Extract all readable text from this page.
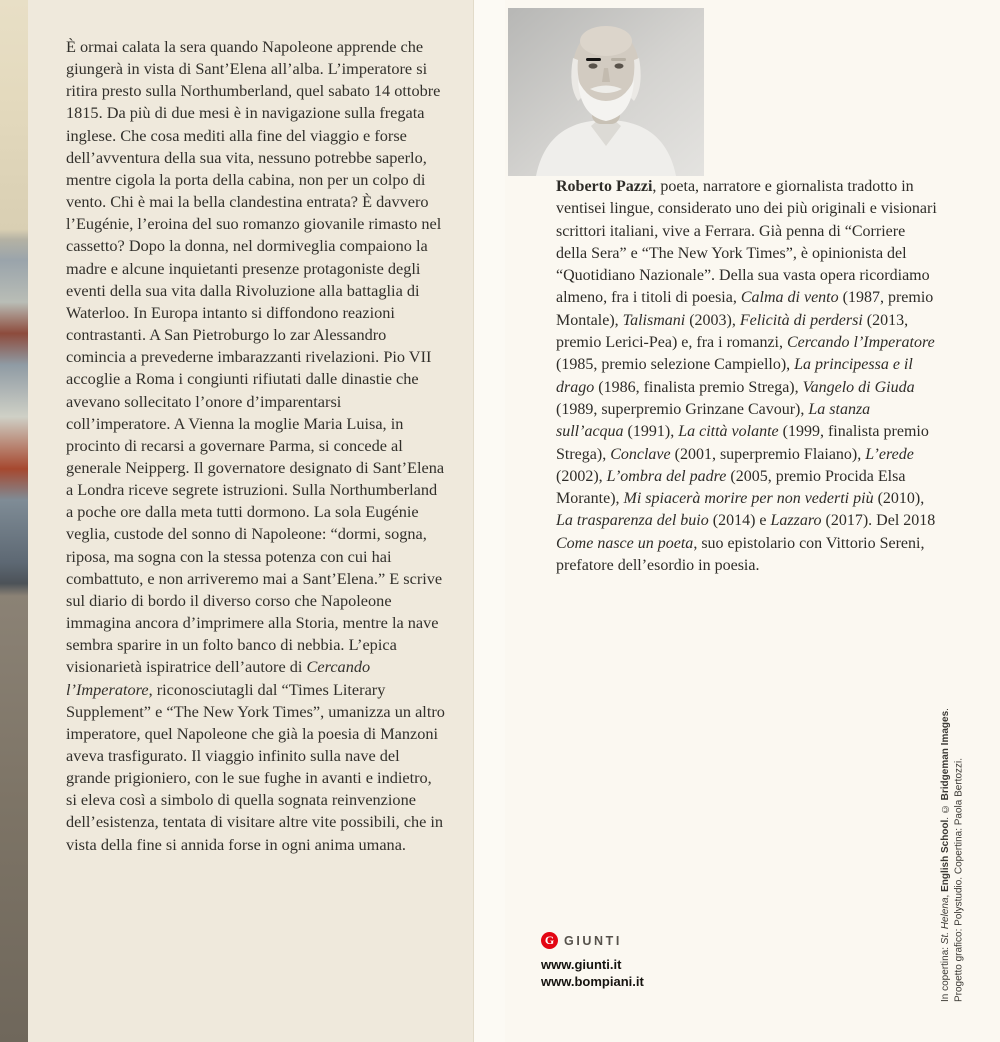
È ormai calata la sera quando Napoleone apprende che giungerà in vista di Sant’Elena all’alba. L’imperatore si ritira presto sulla Northumberland, quel sabato 14 ottobre 1815. Da più di due mesi è in navigazione sulla fregata inglese. Che cosa mediti alla fine del viaggio e forse dell’avventura della sua vita, nessuno potrebbe saperlo, mentre cigola la porta della cabina, non per un colpo di vento. Chi è mai la bella clandestina entrata? È davvero l’Eugénie, l’eroina del suo romanzo giovanile rimasto nel cassetto? Dopo la donna, nel dormiveglia compaiono la madre e alcune inquietanti presenze protagoniste degli eventi della sua vita dalla Rivoluzione alla battaglia di Waterloo. In Europa intanto si diffondono reazioni contrastanti. A San Pietroburgo lo zar Alessandro comincia a prevederne imbarazzanti rivelazioni. Pio VII accoglie a Roma i congiunti rifiutati dalle dinastie che avevano sollecitato l’onore d’imparentarsi coll’imperatore. A Vienna la moglie Maria Luisa, in procinto di recarsi a governare Parma, si concede al generale Neipperg. Il governatore designato di Sant’Elena a Londra riceve segrete istruzioni. Sulla Northumberland a poche ore dalla meta tutti dormono. La sola Eugénie veglia, custode del sonno di Napoleone: “dormi, sogna, riposa, ma sogna con la stessa potenza con cui hai combattuto, e non arriveremo mai a Sant’Elena.” E scrive sul diario di bordo il diverso corso che Napoleone immagina ancora d’imprimere alla Storia, mentre la nave sembra sparire in un folto banco di nebbia. L’epica visionarietà ispiratrice dell’autore di Cercando l’Imperatore, riconosciutagli dal “Times Literary Supplement” e “The New York Times”, umanizza un altro imperatore, quel Napoleone che già la poesia di Manzoni aveva trasfigurato. Il viaggio infinito sulla nave del grande prigioniero, con le sue fughe in avanti e indietro, si eleva così a simbolo di quella sognata reinvenzione dell’esistenza, tentata di visitare altre vite possibili, che in vista della fine si annida forse in ogni anima umana.

Roberto Pazzi, poeta, narratore e giornalista tradotto in ventisei lingue, considerato uno dei più originali e visionari scrittori italiani, vive a Ferrara. Già penna di “Corriere della Sera” e “The New York Times”, è opinionista del “Quotidiano Nazionale”. Della sua vasta opera ricordiamo almeno, fra i titoli di poesia, Calma di vento (1987, premio Montale), Talismani (2003), Felicità di perdersi (2013, premio Lerici-Pea) e, fra i romanzi, Cercando l’Imperatore (1985, premio selezione Campiello), La principessa e il drago (1986, finalista premio Strega), Vangelo di Giuda (1989, superpremio Grinzane Cavour), La stanza sull’acqua (1991), La città volante (1999, finalista premio Strega), Conclave (2001, superpremio Flaiano), L’erede (2002), L’ombra del padre (2005, premio Procida Elsa Morante), Mi spiacerà morire per non vederti più (2010), La trasparenza del buio (2014) e Lazzaro (2017). Del 2018 Come nasce un poeta, suo epistolario con Vittorio Sereni, prefatore dell’esordio in poesia.

G GIUNTI
www.giunti.it
www.bompiani.it	In copertina: St. Helena, English School. © Bridgeman Images.
Progetto grafico: Polystudio. Copertina: Paola Bertozzi.
